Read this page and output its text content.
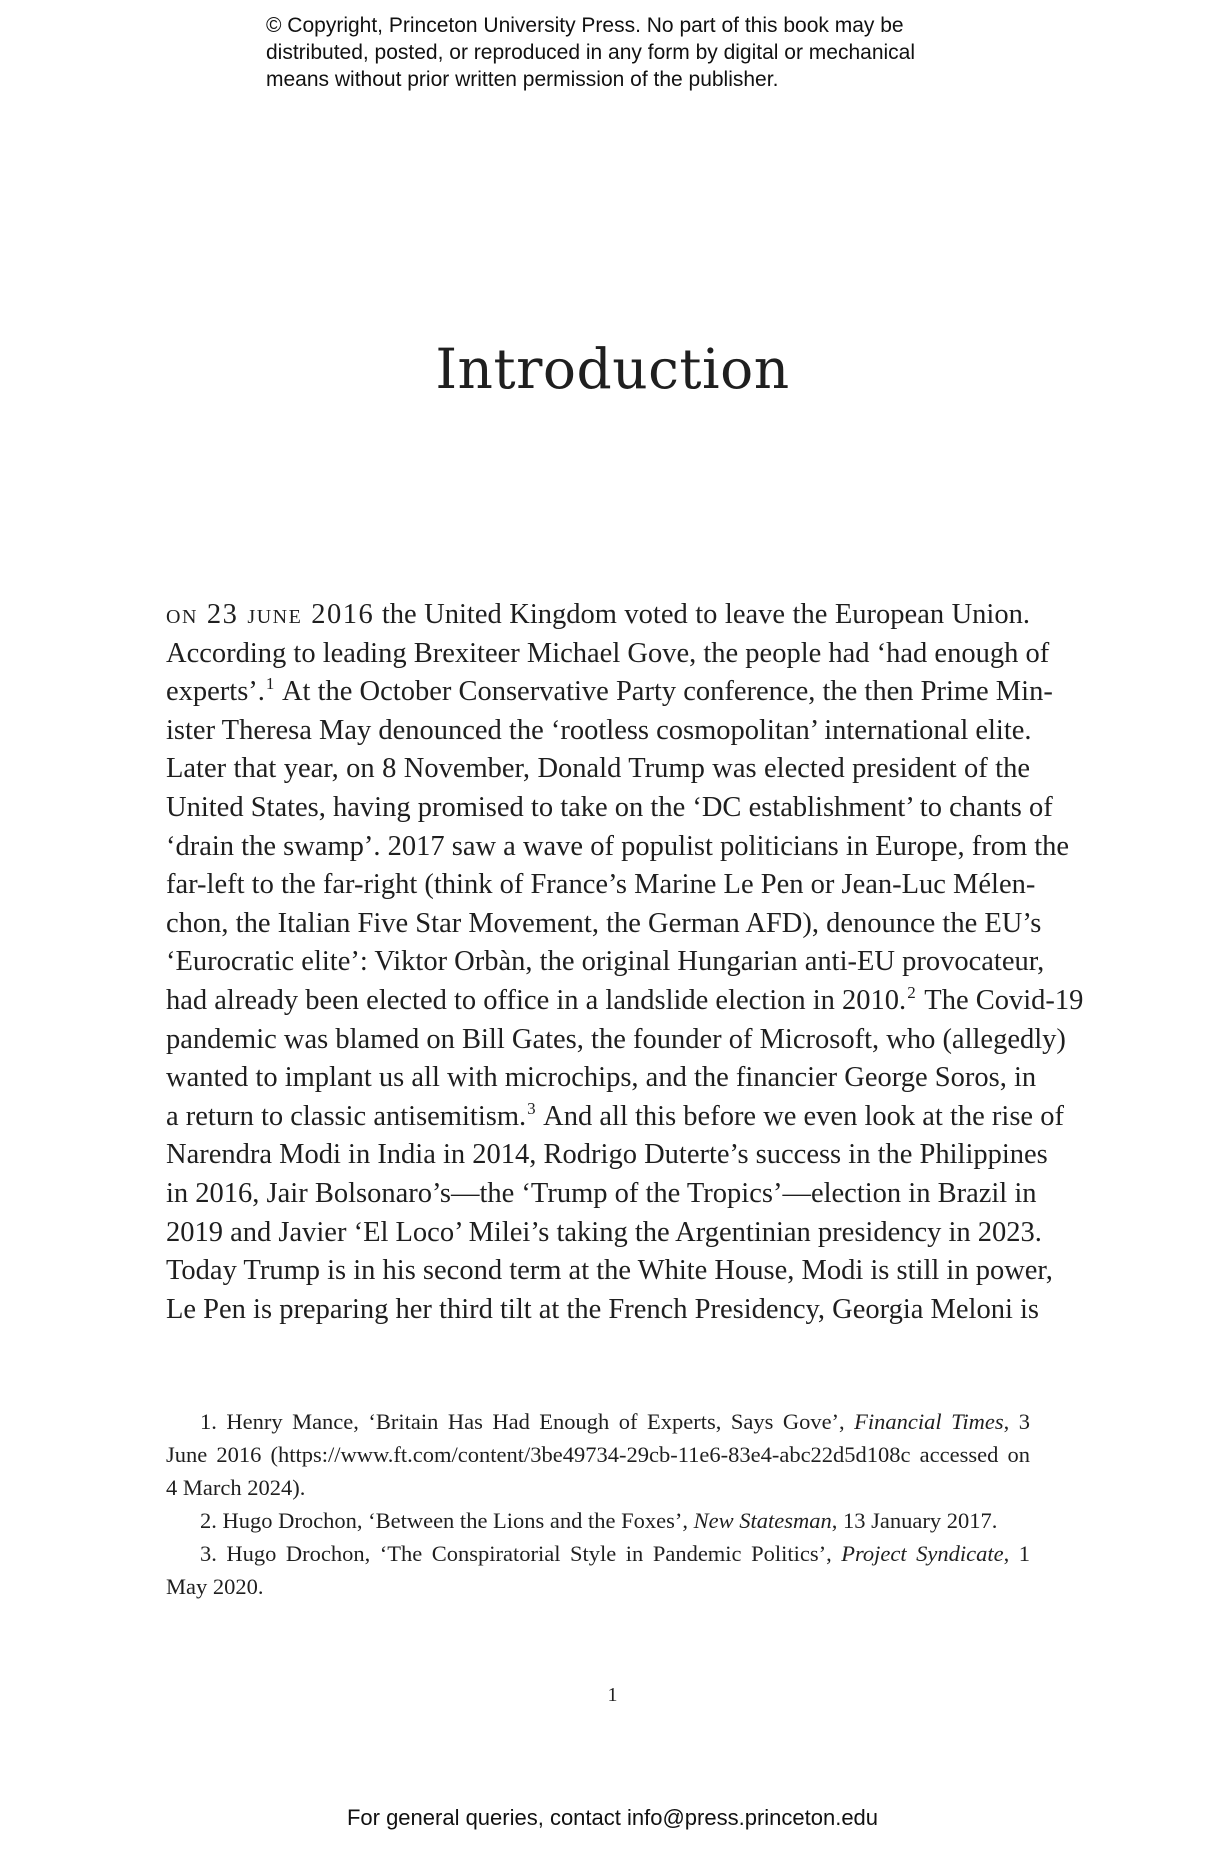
© Copyright, Princeton University Press. No part of this book may be
distributed, posted, or reproduced in any form by digital or mechanical
means without prior written permission of the publisher.
Introduction
on 23 june 2016 the United Kingdom voted to leave the European Union.
According to leading Brexiteer Michael Gove, the people had ‘had enough of
experts’.$^1$ At the October Conservative Party conference, the then Prime Min-
ister Theresa May denounced the ‘rootless cosmopolitan’ international elite.
Later that year, on 8 November, Donald Trump was elected president of the
United States, having promised to take on the ‘DC establishment’ to chants of
‘drain the swamp’. 2017 saw a wave of populist politicians in Europe, from the
far-left to the far-right (think of France’s Marine Le Pen or Jean-Luc Mélen-
chon, the Italian Five Star Movement, the German AFD), denounce the EU’s
‘Eurocratic elite’: Viktor Orbàn, the original Hungarian anti-EU provocateur,
had already been elected to office in a landslide election in 2010.$^2$ The Covid-19
pandemic was blamed on Bill Gates, the founder of Microsoft, who (allegedly)
wanted to implant us all with microchips, and the financier George Soros, in
a return to classic antisemitism.$^3$ And all this before we even look at the rise of
Narendra Modi in India in 2014, Rodrigo Duterte’s success in the Philippines
in 2016, Jair Bolsonaro’s—the ‘Trump of the Tropics’—election in Brazil in
2019 and Javier ‘El Loco’ Milei’s taking the Argentinian presidency in 2023.
Today Trump is in his second term at the White House, Modi is still in power,
Le Pen is preparing her third tilt at the French Presidency, Georgia Meloni is
1. Henry Mance, ‘Britain Has Had Enough of Experts, Says Gove’, Financial Times, 3
June 2016 (https://www.ft.com/content/3be49734-29cb-11e6-83e4-abc22d5d108c accessed on
4 March 2024).
2. Hugo Drochon, ‘Between the Lions and the Foxes’, New Statesman, 13 January 2017.
3. Hugo Drochon, ‘The Conspiratorial Style in Pandemic Politics’, Project Syndicate, 1
May 2020.
1
For general queries, contact info@press.princeton.edu
